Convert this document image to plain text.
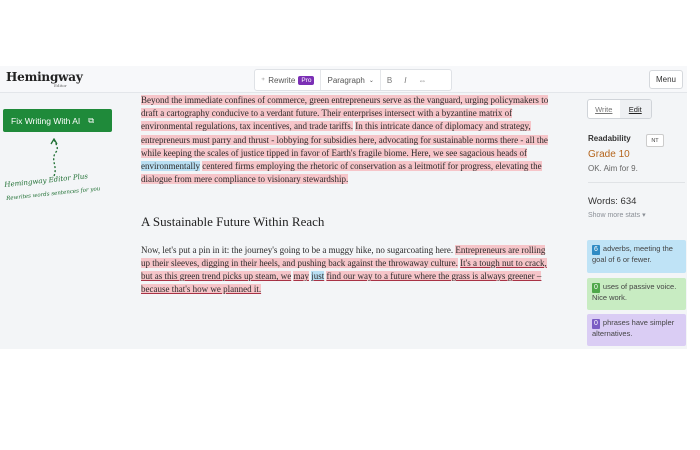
Hemingway
Editor
⁺ Rewrite Pro	Paragraph ⌄	B	I	⇔	Menu
Fix Writing With AI ⧉
Hemingway Editor Plus
Rewrites words sentences for you

Beyond the immediate confines of commerce, green entrepreneurs serve as the vanguard, urging policymakers to draft a cartography conducive to a verdant future. Their enterprises intersect with a byzantine matrix of environmental regulations, tax incentives, and trade tariffs. In this intricate dance of diplomacy and strategy, entrepreneurs must parry and thrust - lobbying for subsidies here, advocating for sustainable norms there - all the while keeping the scales of justice tipped in favor of Earth's fragile biome. Here, we see sagacious heads of environmentally centered firms employing the rhetoric of conservation as a leitmotif for progress, elevating the dialogue from mere compliance to visionary stewardship.

A Sustainable Future Within Reach

Now, let's put a pin in it: the journey's going to be a muggy hike, no sugarcoating here. Entrepreneurs are rolling up their sleeves, digging in their heels, and pushing back against the throwaway culture. It's a tough nut to crack, but as this green trend picks up steam, we may just find our way to a future where the grass is always greener – because that's how we planned it.

Write	Edit
Readability	NT
Grade 10
OK. Aim for 9.
Words: 634
Show more stats ▾
6 adverbs, meeting the goal of 6 or fewer.
0 uses of passive voice. Nice work.
0 phrases have simpler alternatives.
